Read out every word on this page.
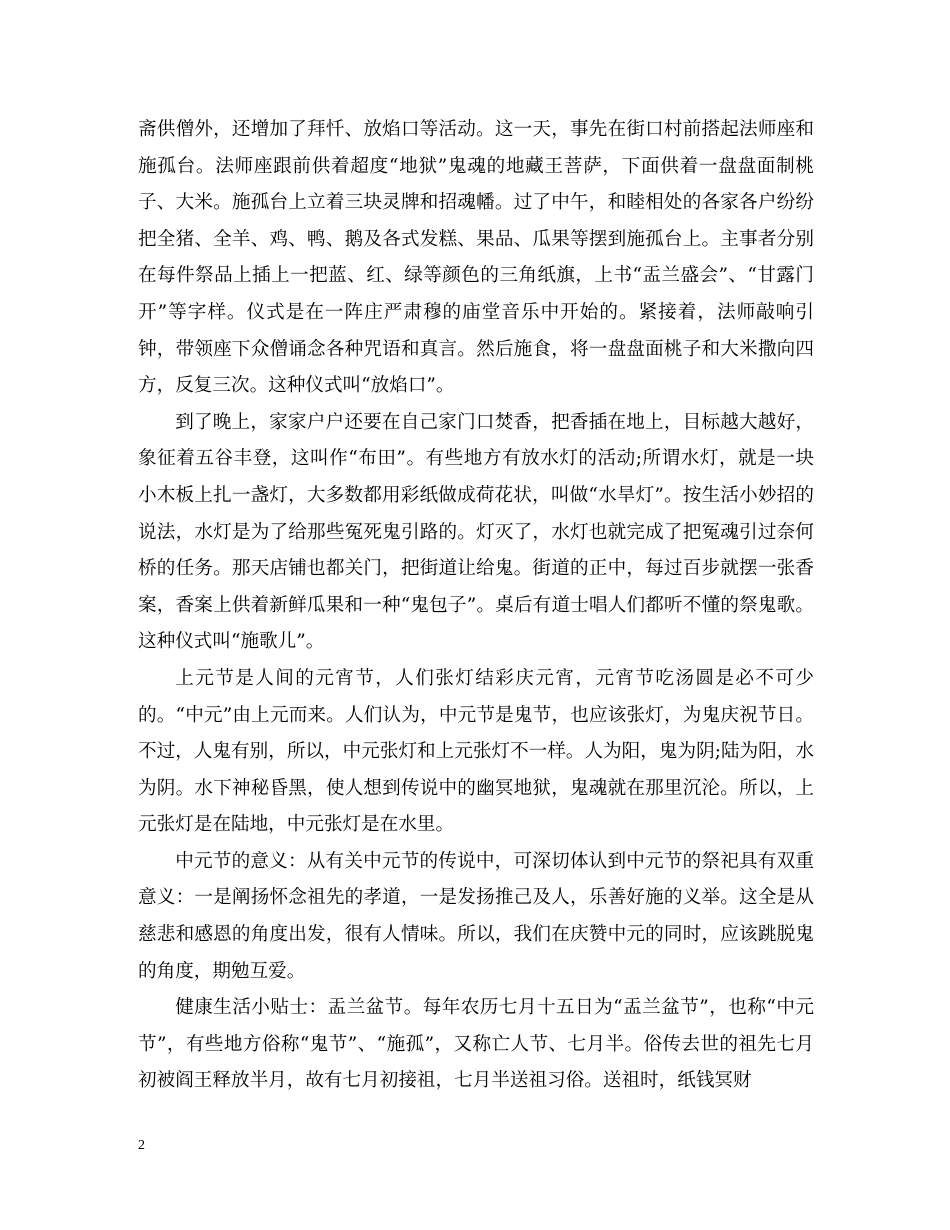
斋供僧外，还增加了拜忏、放焰口等活动。这一天，事先在街口村前搭起法师座和施孤台。法师座跟前供着超度“地狱”鬼魂的地藏王菩萨，下面供着一盘盘面制桃子、大米。施孤台上立着三块灵牌和招魂幡。过了中午，和睦相处的各家各户纷纷把全猪、全羊、鸡、鸭、鹅及各式发糕、果品、瓜果等摆到施孤台上。主事者分别在每件祭品上插上一把蓝、红、绿等颜色的三角纸旗，上书“盂兰盛会”、“甘露门开”等字样。仪式是在一阵庄严肃穆的庙堂音乐中开始的。紧接着，法师敲响引钟，带领座下众僧诵念各种咒语和真言。然后施食，将一盘盘面桃子和大米撒向四方，反复三次。这种仪式叫“放焰口”。

到了晚上，家家户户还要在自己家门口焚香，把香插在地上，目标越大越好，象征着五谷丰登，这叫作“布田”。有些地方有放水灯的活动;所谓水灯，就是一块小木板上扎一盏灯，大多数都用彩纸做成荷花状，叫做“水旱灯”。按生活小妙招的说法，水灯是为了给那些冤死鬼引路的。灯灭了，水灯也就完成了把冤魂引过奈何桥的任务。那天店铺也都关门，把街道让给鬼。街道的正中，每过百步就摆一张香案，香案上供着新鲜瓜果和一种“鬼包子”。桌后有道士唱人们都听不懂的祭鬼歌。这种仪式叫“施歌儿”。

上元节是人间的元宵节，人们张灯结彩庆元宵，元宵节吃汤圆是必不可少的。“中元”由上元而来。人们认为，中元节是鬼节，也应该张灯，为鬼庆祝节日。不过，人鬼有别，所以，中元张灯和上元张灯不一样。人为阳，鬼为阴;陆为阳，水为阴。水下神秘昏黑，使人想到传说中的幽冥地狱，鬼魂就在那里沉沦。所以，上元张灯是在陆地，中元张灯是在水里。

中元节的意义：从有关中元节的传说中，可深切体认到中元节的祭祀具有双重意义：一是阐扬怀念祖先的孝道，一是发扬推己及人，乐善好施的义举。这全是从慈悲和感恩的角度出发，很有人情味。所以，我们在庆赞中元的同时，应该跳脱鬼的角度，期勉互爱。

健康生活小贴士：盂兰盆节。每年农历七月十五日为“盂兰盆节”，也称“中元节”，有些地方俗称“鬼节”、“施孤”，又称亡人节、七月半。俗传去世的祖先七月初被阎王释放半月，故有七月初接祖，七月半送祖习俗。送祖时，纸钱冥财

2
